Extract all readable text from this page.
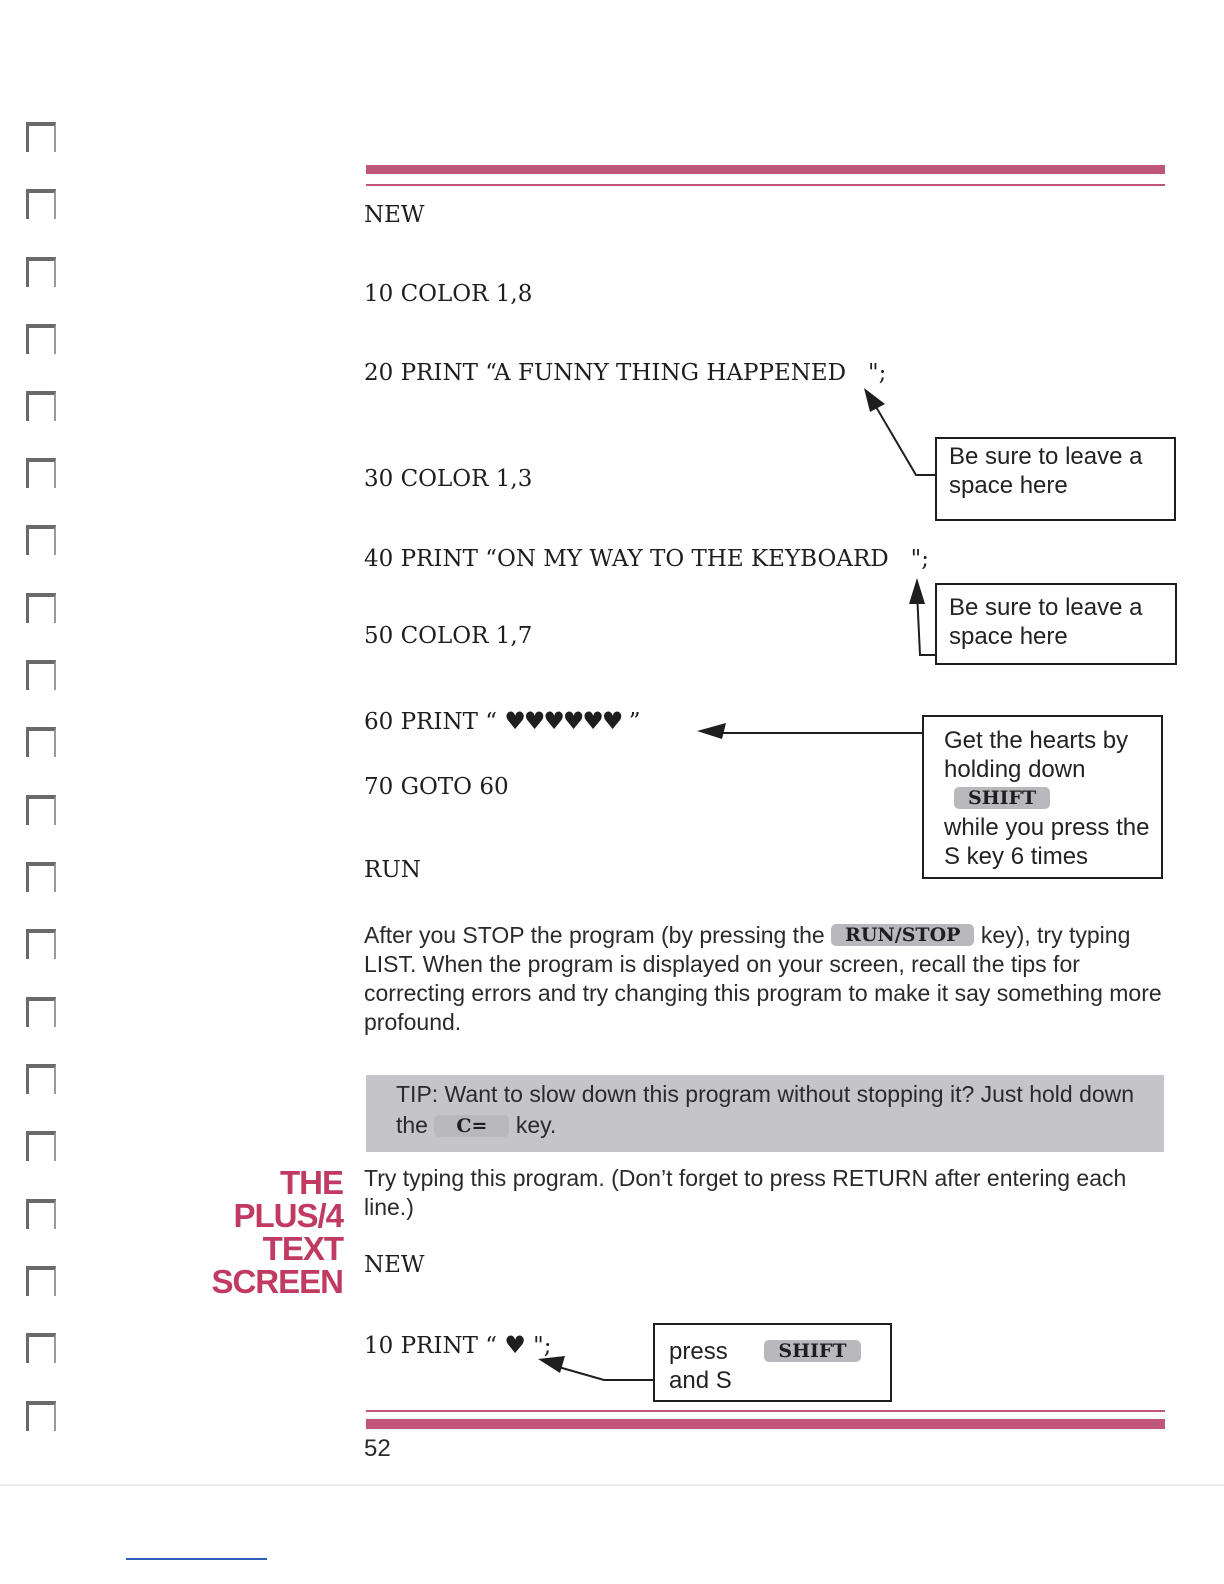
NEW
10 COLOR 1,8
20 PRINT “A FUNNY THING HAPPENED   ";
30 COLOR 1,3
40 PRINT “ON MY WAY TO THE KEYBOARD   ";
50 COLOR 1,7
60 PRINT “ ♥♥♥♥♥♥ ”
70 GOTO 60
RUN
Be sure to leave a space here
Be sure to leave a space here
Get the hearts by holding down
SHIFT
while you press the S key 6 times
After you STOP the program (by pressing the RUN/STOP key), try typing LIST. When the program is displayed on your screen, recall the tips for correcting errors and try changing this program to make it say something more profound.
TIP: Want to slow down this program without stopping it? Just hold down the C= key.
THE
PLUS/4
TEXT
SCREEN
Try typing this program. (Don’t forget to press RETURN after entering each line.)
NEW
10 PRINT “ ♥ ";	press	SHIFT
and S
52
